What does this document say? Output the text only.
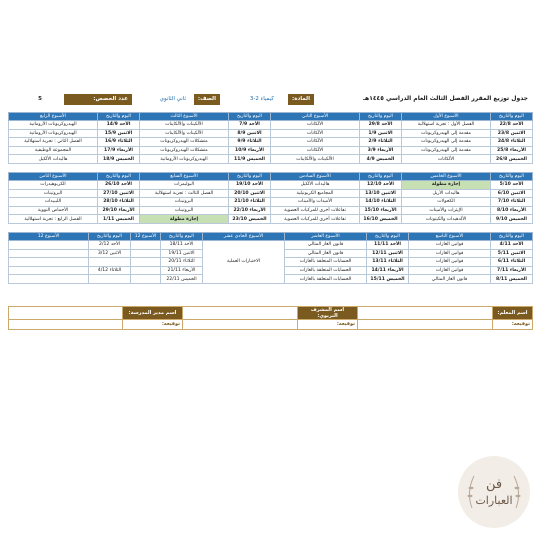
جدول توزيع المقرر الفصل الثالث العام الدراسي ١٤٤٥هـ
المادة:
كيمياء 2-3
الصف:
ثاني الثانوي
عدد الحصص:
5
اليوم والتاريخ	الأسبوع الأول	اليوم والتاريخ	الأسبوع الثاني	اليوم والتاريخ	الأسبوع الثالث	اليوم والتاريخ	الأسبوع الرابع
الأحد 22/8	الفصل الأول : تجربة استهلالية	الأحد 29/8	الألكانات	الأحد 7/9	الألكينات والألكاينات	الأحد 14/9	الهيدروكربونات الأروماتية
الاثنين 23/8	مقدمة إلى الهيدروكربونات	الاثنين 1/9	الألكانات	الاثنين 8/9	الألكينات والألكاينات	الاثنين 15/9	الهيدروكربونات الأروماتية
الثلاثاء 24/8	مقدمة إلى الهيدروكربونات	الثلاثاء 2/9	الألكانات	الثلاثاء 9/9	متشكلات الهيدروكربونات	الثلاثاء 16/9	الفصل الثاني : تجربة استهلالية
الأربعاء 25/8	مقدمة إلى الهيدروكربونات	الأربعاء 3/9	الألكانات	الأربعاء 10/9	متشكلات الهيدروكربونات	الأربعاء 17/9	المجموعة الوظيفية
الخميس 26/8	الألكانات	الخميس 4/9	الألكينات والألكاينات	الخميس 11/9	الهيدروكربونات الأروماتية	الخميس 18/9	هاليدات الألكيل
اليوم والتاريخ	الأسبوع الخامس	اليوم والتاريخ	الأسبوع السادس	اليوم والتاريخ	الأسبوع السابع	اليوم والتاريخ	الأسبوع الثامن
الأحد 5/10	إجازة مطولة	الأحد 12/10	هاليدات الألكيل	الأحد 19/10	البوليمرات	الأحد 26/10	الكربوهيدرات
الاثنين 6/10	هاليدات الأريل	الاثنين 13/10	المجاميع الكربونيلية	الاثنين 20/10	الفصل الثالث : تجربة استهلالية	الاثنين 27/10	البروتينات
الثلاثاء 7/10	الكحولات	الثلاثاء 14/10	الأميدات والأمينات	الثلاثاء 21/10	البروتينات	الثلاثاء 28/10	الليبيدات
الأربعاء 8/10	الإيثرات والأمينات	الأربعاء 15/10	تفاعلات أخرى للمركبات العضوية	الأربعاء 22/10	البروتينات	الأربعاء 29/10	الأحماض النووية
الخميس 9/10	الألدهيدات والكيتونات	الخميس 16/10	تفاعلات أخرى للمركبات العضوية	الخميس 23/10	إجازة مطولة	الخميس 1/11	الفصل الرابع : تجربة استهلالية
اليوم والتاريخ	الأسبوع التاسع	اليوم والتاريخ	الأسبوع العاشر	الأسبوع الحادي عشر	اليوم والتاريخ	الأسبوع 12	اليوم والتاريخ	الأسبوع 12
الأحد 4/11	قوانين الغازات	الأحد 11/11	قانون الغاز المثالي	الاختبارات العملية	الأحد 18/11		الأحد 2/12	
الاثنين 5/11	قوانين الغازات	الاثنين 12/11	قانون الغاز المثالي		الاثنين 19/11		الاثنين 3/12	
الثلاثاء 6/11	قوانين الغازات	الثلاثاء 13/11	الحسابات المتعلقة بالغازات		الثلاثاء 20/11			
الأربعاء 7/11	قوانين الغازات	الأربعاء 14/11	الحسابات المتعلقة بالغازات		الأربعاء 21/11		الثلاثاء 4/12	
الخميس 8/11	قانون الغاز المثالي	الخميس 15/11	الحسابات المتعلقة بالغازات		الخميس 22/11			
اسم المعلم:		اسم المشرف التربوي:		اسم مدير المدرسة:	
توقيعه:		توقيعه:		توقيعه:	
فن
العبارات
